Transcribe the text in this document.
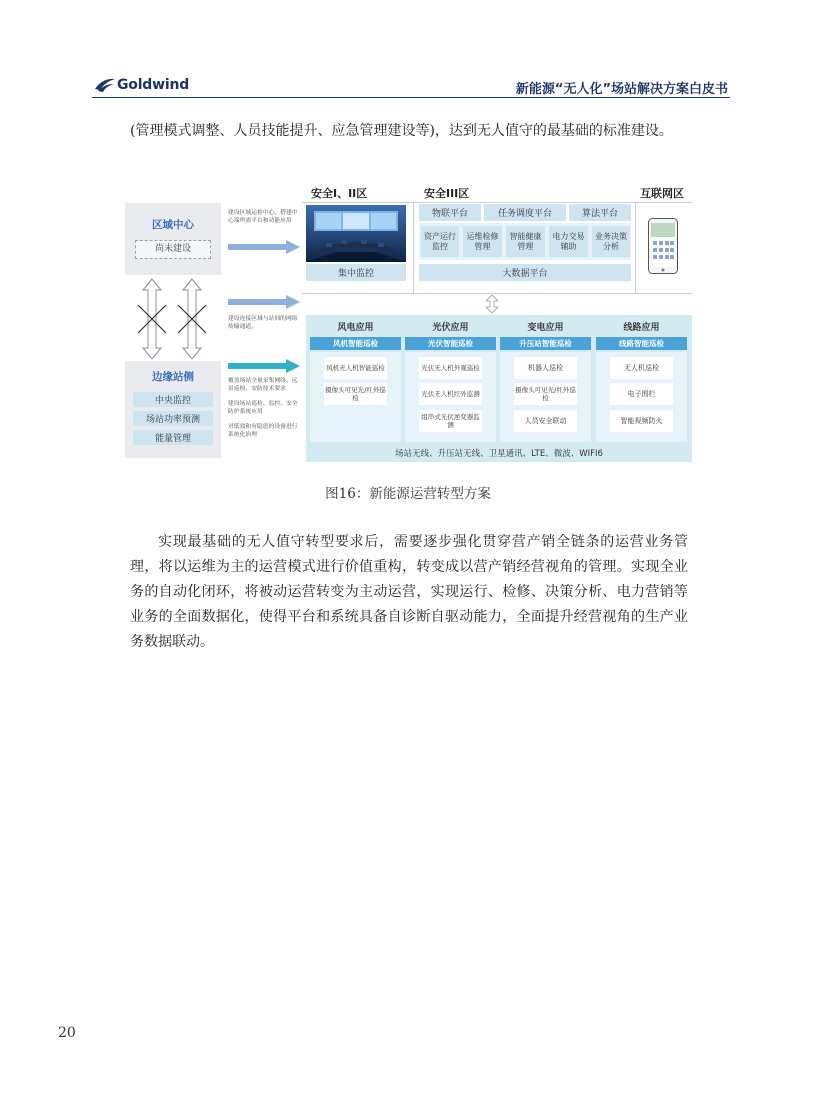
Goldwind	新能源“无人化”场站解决方案白皮书
(管理模式调整、人员技能提升、应急管理建设等)，达到无人值守的最基础的标准建设。
安全I、II区	安全III区	互联网区
区域中心
尚未建设
边缘站侧
中央监控
场站功率预测
能量管理
建设区域运检中心，搭建中心端所需平台和功能应用
建设连接区域与站间的网络传输通道。
覆盖场站全量采集网络、远景巡检、安防技术要求
建设场站巡检、监控、安全防护系统应用
对低效和有隐患的设备进行系统化治理
集中监控
物联平台	任务调度平台	算法平台
资产运行监控
运维检修管理
智能健康管理
电力交易辅助
业务决策分析
大数据平台
风电应用
风机智能巡检
风机无人机智能巡检
摄像头可见光/红外巡检
光伏应用
光伏智能巡检
光伏无人机外观巡检
光伏无人机红外监测
组串式光伏逆变器监测
变电应用
升压站智能巡检
机器人巡检
摄像头可见光/红外巡检
人员安全联动
线路应用
线路智能巡检
无人机巡检
电子围栏
智能视频防火
场站无线、升压站无线、卫星通讯、LTE、微波、WIFI6
图16：新能源运营转型方案
实现最基础的无人值守转型要求后，需要逐步强化贯穿营产销全链条的运营业务管理，将以运维为主的运营模式进行价值重构，转变成以营产销经营视角的管理。实现全业务的自动化闭环，将被动运营转变为主动运营，实现运行、检修、决策分析、电力营销等业务的全面数据化，使得平台和系统具备自诊断自驱动能力，全面提升经营视角的生产业务数据联动。
20
